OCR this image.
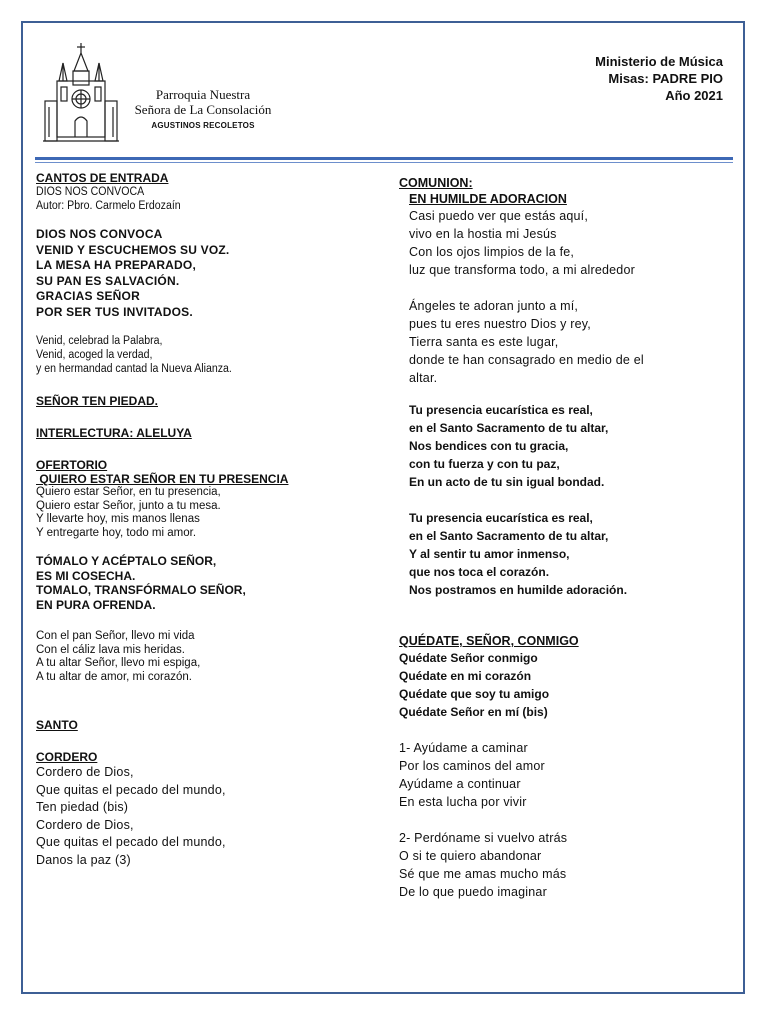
Parroquia Nuestra
Señora de La Consolación
AGUSTINOS RECOLETOS
Ministerio de Música
Misas: PADRE PIO
Año 2021
CANTOS DE ENTRADA
DIOS NOS CONVOCA
Autor: Pbro. Carmelo Erdozaín
DIOS NOS CONVOCA
VENID Y ESCUCHEMOS SU VOZ.
LA MESA HA PREPARADO,
SU PAN ES SALVACIÓN.
GRACIAS SEÑOR
POR SER TUS INVITADOS.
Venid, celebrad la Palabra,
Venid, acoged la verdad,
y en hermandad cantad la Nueva Alianza.
SEÑOR TEN PIEDAD.
INTERLECTURA: ALELUYA
OFERTORIO
QUIERO ESTAR SEÑOR EN TU PRESENCIA
Quiero estar Señor, en tu presencia,
Quiero estar Señor, junto a tu mesa.
Y llevarte hoy, mis manos llenas
Y entregarte hoy, todo mi amor.
TÓMALO Y ACÉPTALO SEÑOR,
ES MI COSECHA.
TOMALO, TRANSFÓRMALO SEÑOR,
EN PURA OFRENDA.
Con el pan Señor, llevo mi vida
Con el cáliz lava mis heridas.
A tu altar Señor, llevo mi espiga,
A tu altar de amor, mi corazón.
SANTO
CORDERO
Cordero de Dios,
Que quitas el pecado del mundo,
Ten piedad (bis)
Cordero de Dios,
Que quitas el pecado del mundo,
Danos la paz (3)
COMUNION:
EN HUMILDE ADORACION
Casi puedo ver que estás aquí,
vivo en la hostia mi Jesús
Con los ojos limpios de la fe,
luz que transforma todo, a mi alrededor
Ángeles te adoran junto a mí,
pues tu eres nuestro Dios y rey,
Tierra santa es este lugar,
donde te han consagrado en medio de el
altar.
Tu presencia eucarística es real,
en el Santo Sacramento de tu altar,
Nos bendices con tu gracia,
con tu fuerza y con tu paz,
En un acto de tu sin igual bondad.
Tu presencia eucarística es real,
en el Santo Sacramento de tu altar,
Y al sentir tu amor inmenso,
que nos toca el corazón.
Nos postramos en humilde adoración.
QUÉDATE, SEÑOR, CONMIGO
Quédate Señor conmigo
Quédate en mi corazón
Quédate que soy tu amigo
Quédate Señor en mí (bis)
1- Ayúdame a caminar
Por los caminos del amor
Ayúdame a continuar
En esta lucha por vivir
2- Perdóname si vuelvo atrás
O si te quiero abandonar
Sé que me amas mucho más
De lo que puedo imaginar
